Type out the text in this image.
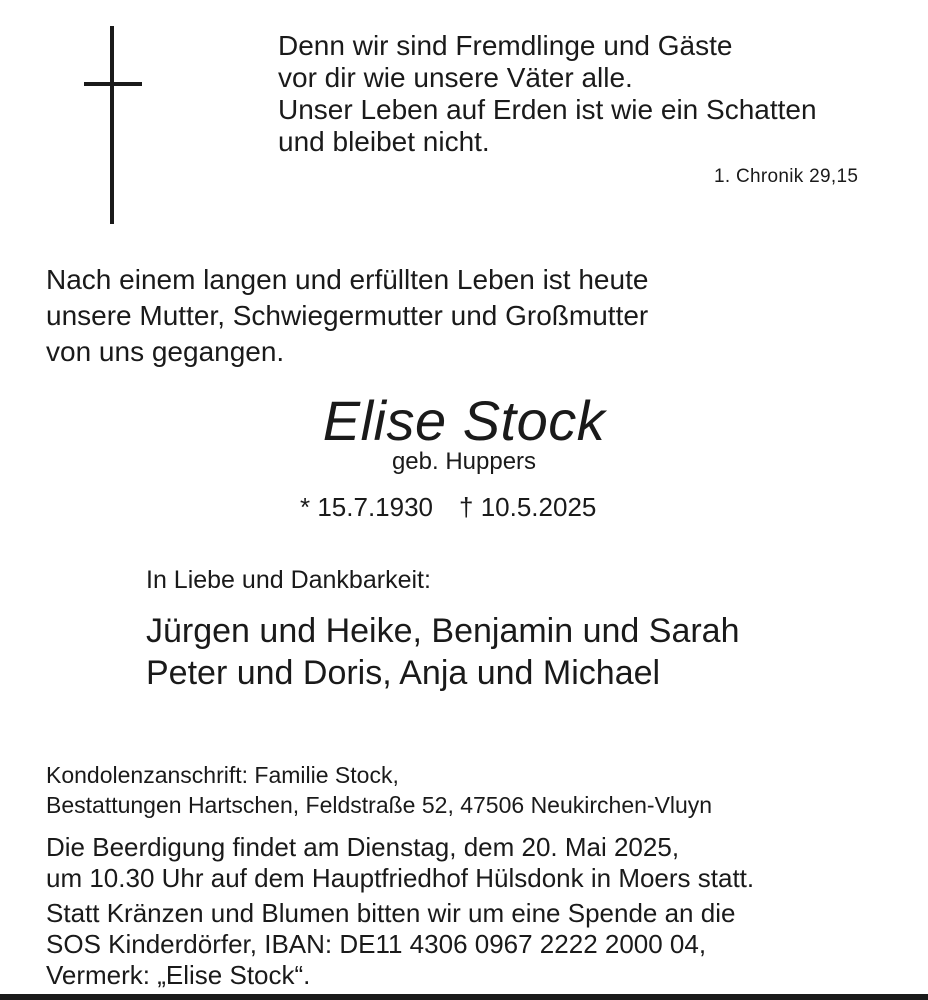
Denn wir sind Fremdlinge und Gäste
vor dir wie unsere Väter alle.
Unser Leben auf Erden ist wie ein Schatten
und bleibet nicht.
1. Chronik 29,15
Nach einem langen und erfüllten Leben ist heute
unsere Mutter, Schwiegermutter und Großmutter
von uns gegangen.
Elise Stock
geb. Huppers
* 15.7.1930 † 10.5.2025
In Liebe und Dankbarkeit:
Jürgen und Heike, Benjamin und Sarah
Peter und Doris, Anja und Michael
Kondolenzanschrift: Familie Stock,
Bestattungen Hartschen, Feldstraße 52, 47506 Neukirchen-Vluyn
Die Beerdigung findet am Dienstag, dem 20. Mai 2025,
um 10.30 Uhr auf dem Hauptfriedhof Hülsdonk in Moers statt.
Statt Kränzen und Blumen bitten wir um eine Spende an die
SOS Kinderdörfer, IBAN: DE11 4306 0967 2222 2000 04,
Vermerk: „Elise Stock“.
